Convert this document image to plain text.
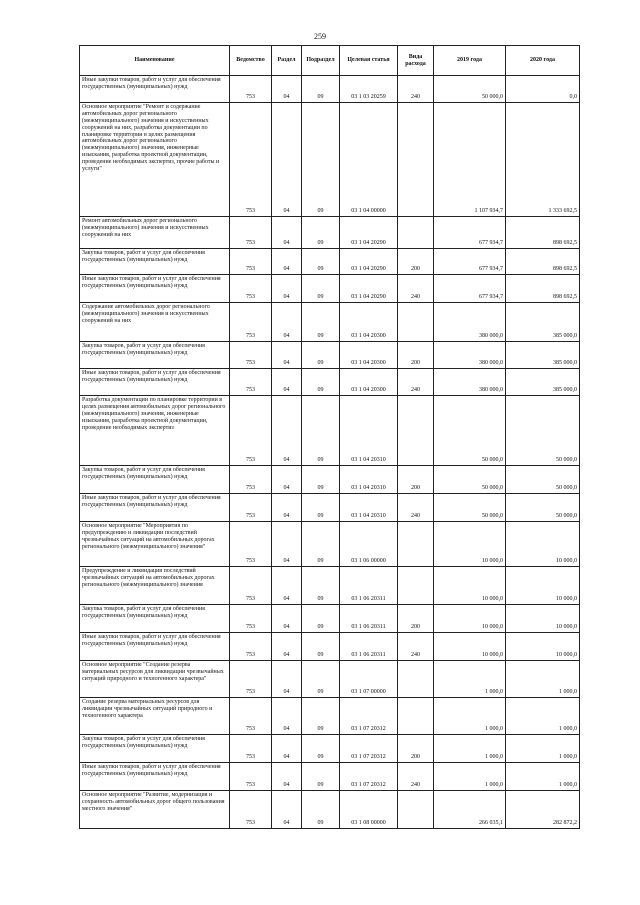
259
Наименование	Ведомство	Раздел	Подраздел	Целевая статья	Вида расхода	2019 года	2020 года
Иные закупки товаров, работ и услуг для обеспечения государственных (муниципальных) нужд	753	04	09	03 1 03 20259	240	50 000,0	0,0
Основное мероприятие "Ремонт и содержание автомобильных дорог регионального (межмуниципального) значения и искусственных сооружений на них, разработка документации по планировке территории в целях размещения автомобильных дорог регионального (межмуниципального) значения, инженерные изыскания, разработка проектной документации, проведение необходимых экспертиз, прочие работы и услуги"	753	04	09	03 1 04 00000		1 107 934,7	1 333 692,5
Ремонт автомобильных дорог регионального (межмуниципального) значения и искусственных сооружений на них	753	04	09	03 1 04 20290		677 934,7	898 692,5
Закупка товаров, работ и услуг для обеспечения государственных (муниципальных) нужд	753	04	09	03 1 04 20290	200	677 934,7	898 692,5
Иные закупки товаров, работ и услуг для обеспечения государственных (муниципальных) нужд	753	04	09	03 1 04 20290	240	677 934,7	898 692,5
Содержание автомобильных дорог регионального (межмуниципального) значения и искусственных сооружений на них	753	04	09	03 1 04 20300		380 000,0	385 000,0
Закупка товаров, работ и услуг для обеспечения государственных (муниципальных) нужд	753	04	09	03 1 04 20300	200	380 000,0	385 000,0
Иные закупки товаров, работ и услуг для обеспечения государственных (муниципальных) нужд	753	04	09	03 1 04 20300	240	380 000,0	385 000,0
Разработка документации по планировке территории в целях размещения автомобильных дорог регионального (межмуниципального) значения, инженерные изыскания, разработка проектной документации, проведение необходимых экспертиз	753	04	09	03 1 04 20310		50 000,0	50 000,0
Закупка товаров, работ и услуг для обеспечения государственных (муниципальных) нужд	753	04	09	03 1 04 20310	200	50 000,0	50 000,0
Иные закупки товаров, работ и услуг для обеспечения государственных (муниципальных) нужд	753	04	09	03 1 04 20310	240	50 000,0	50 000,0
Основное мероприятие "Мероприятия по предупреждению и ликвидации последствий чрезвычайных ситуаций на автомобильных дорогах регионального (межмуниципального) значения"	753	04	09	03 1 06 00000		10 000,0	10 000,0
Предупреждение и ликвидация последствий чрезвычайных ситуаций на автомобильных дорогах регионального (межмуниципального) значения	753	04	09	03 1 06 20311		10 000,0	10 000,0
Закупка товаров, работ и услуг для обеспечения государственных (муниципальных) нужд	753	04	09	03 1 06 20311	200	10 000,0	10 000,0
Иные закупки товаров, работ и услуг для обеспечения государственных (муниципальных) нужд	753	04	09	03 1 06 20311	240	10 000,0	10 000,0
Основное мероприятие "Создание резерва материальных ресурсов для ликвидации чрезвычайных ситуаций природного и техногенного характера"	753	04	09	03 1 07 00000		1 000,0	1 000,0
Создание резерва материальных ресурсов для ликвидации чрезвычайных ситуаций природного и техногенного характера	753	04	09	03 1 07 20312		1 000,0	1 000,0
Закупка товаров, работ и услуг для обеспечения государственных (муниципальных) нужд	753	04	09	03 1 07 20312	200	1 000,0	1 000,0
Иные закупки товаров, работ и услуг для обеспечения государственных (муниципальных) нужд	753	04	09	03 1 07 20312	240	1 000,0	1 000,0
Основное мероприятие "Развитие, модернизация и сохранность автомобильных дорог общего пользования местного значения"	753	04	09	03 1 08 00000		266 035,1	282 872,2
